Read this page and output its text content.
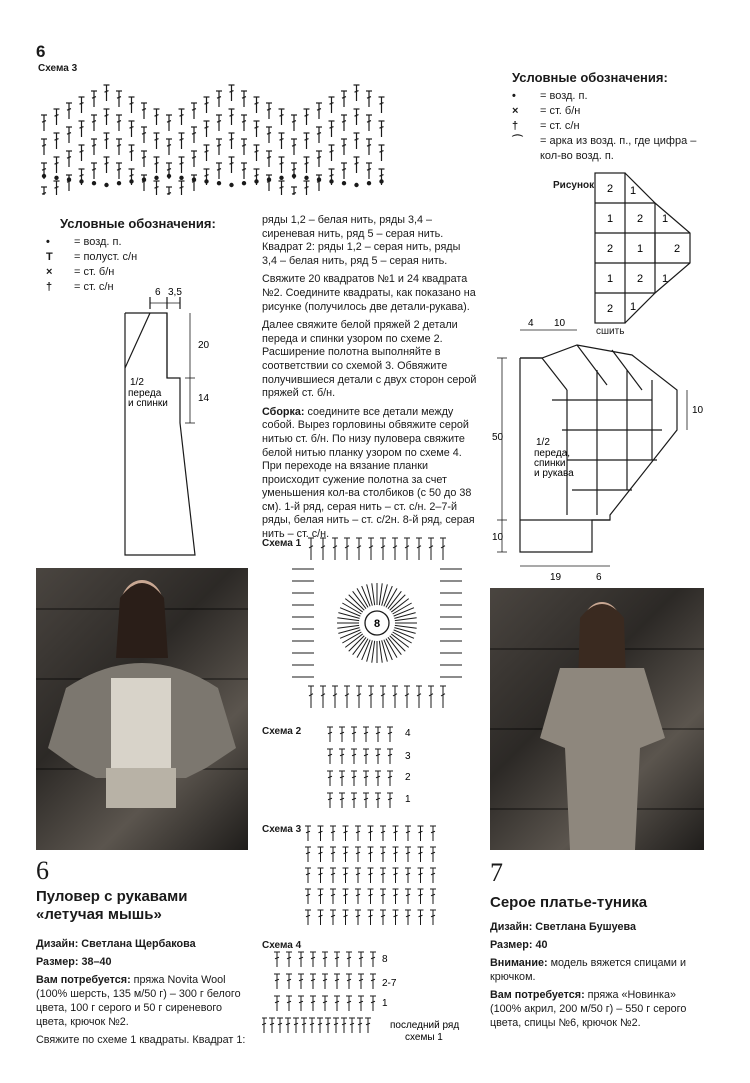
6
Схема 3
Условные обозначения:
•	= возд. п.
×	= ст. б/н
†	= ст. с/н
⌒	= арка из возд. п., где цифра – кол-во возд. п.
Рисунок 2
1
2
1
2
1
2
1
2
1
1
1
2
сшить
Условные обозначения:
•	= возд. п.
T	= полуст. с/н
×	= ст. б/н
†	= ст. с/н	6 3,5
20
14
1/2
переда
и спинки
4 10
10
50
10
19	6
1/2
переда,
спинки
и рукава

ряды 1,2 – белая нить, ряды 3,4 – сиреневая нить, ряд 5 – серая нить. Квадрат 2: ряды 1,2 – серая нить, ряды 3,4 – белая нить, ряд 5 – серая нить.

Свяжите 20 квадратов №1 и 24 квадрата №2. Соедините квадраты, как показано на рисунке (получилось две детали-рукава).

Далее свяжите белой пряжей 2 детали переда и спинки узором по схеме 2. Расширение полотна выполняйте в соответствии со схемой 3. Обвяжите получившиеся детали с двух сторон серой пряжей ст. б/н.

Сборка: соедините все детали между собой. Вырез горловины обвяжите серой нитью ст. б/н. По низу пуловера свяжите белой нитью планку узором по схеме 4. При переходе на вязание планки происходит сужение полотна за счет уменьшения кол-ва столбиков (с 50 до 38 см). 1-й ряд, серая нить – ст. с/н. 2–7-й ряды, белая нить – ст. с/2н. 8-й ряд, серая нить – ст. с/н.

Схема 1
8
Схема 2	4
3
2
1
Схема 3
Схема 4
8
2-7
1
последний ряд
схемы 1
6
Пуловер с рукавами «летучая мышь»

Дизайн: Светлана Щербакова

Размер: 38–40

Вам потребуется: пряжа Novita Wool (100% шерсть, 135 м/50 г) – 300 г белого цвета, 100 г серого и 50 г сиреневого цвета, крючок №2.

Свяжите по схеме 1 квадраты. Квадрат 1:

7
Серое платье-туника

Дизайн: Светлана Бушуева

Размер: 40

Внимание: модель вяжется спицами и крючком.

Вам потребуется: пряжа «Новинка» (100% акрил, 200 м/50 г) – 550 г серого цвета, спицы №6, крючок №2.
